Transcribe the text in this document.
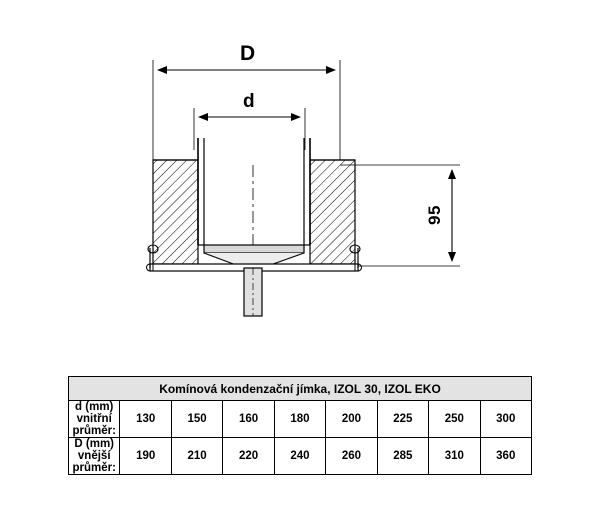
D
d
95
Komínová kondenzační jímka, IZOL 30, IZOL EKO								
d (mm) vnitřní průměr:	130	150	160	180	200	225	250	300
D (mm) vnější průměr:	190	210	220	240	260	285	310	360
